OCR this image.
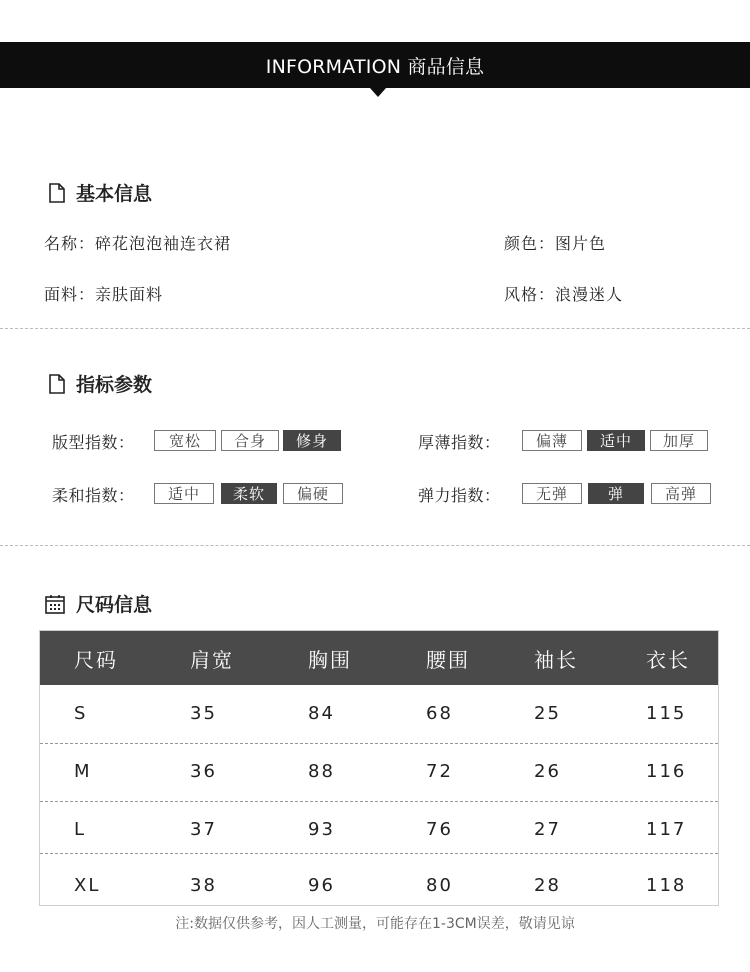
INFORMATION 商品信息
基本信息
名称：碎花泡泡袖连衣裙	颜色：图片色
面料：亲肤面料	风格：浪漫迷人
指标参数
版型指数：	宽松	合身	修身	厚薄指数：	偏薄	适中	加厚
柔和指数：	适中	柔软	偏硬	弹力指数：	无弹	弹	高弹
尺码信息
尺码	肩宽	胸围	腰围	袖长	衣长
S	35	84	68	25	115
M	36	88	72	26	116
L	37	93	76	27	117
XL	38	96	80	28	118
注:数据仅供参考，因人工测量，可能存在1-3CM误差，敬请见谅
